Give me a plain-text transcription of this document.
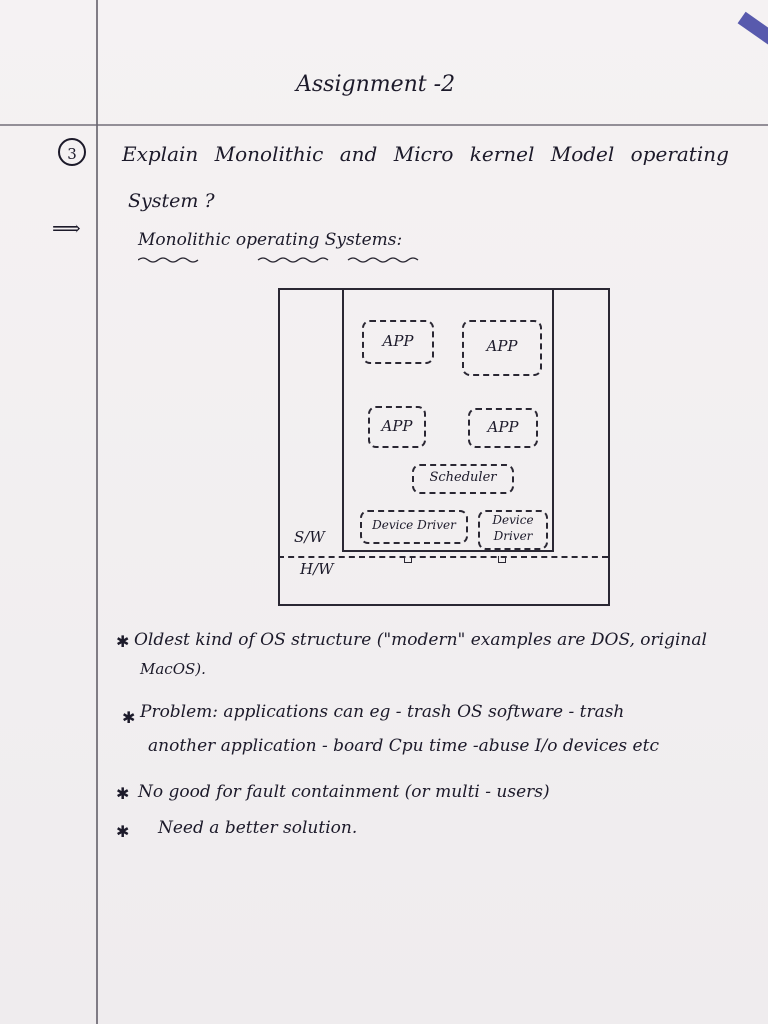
Assignment -2
3	Explain Monolithic and Micro kernel Model operating
System ?
⟹	Monolithic operating Systems:
APP	APP
APP	APP
Scheduler
Device Driver	Device Driver
S/W
H/W
✱ Oldest kind of OS structure ("modern" examples are DOS, original
MacOS).
✱ Problem: applications can eg - trash OS software - trash
another application - board Cpu time -abuse I/o devices etc
✱ No good for fault containment (or multi - users)
✱ Need a better solution.
